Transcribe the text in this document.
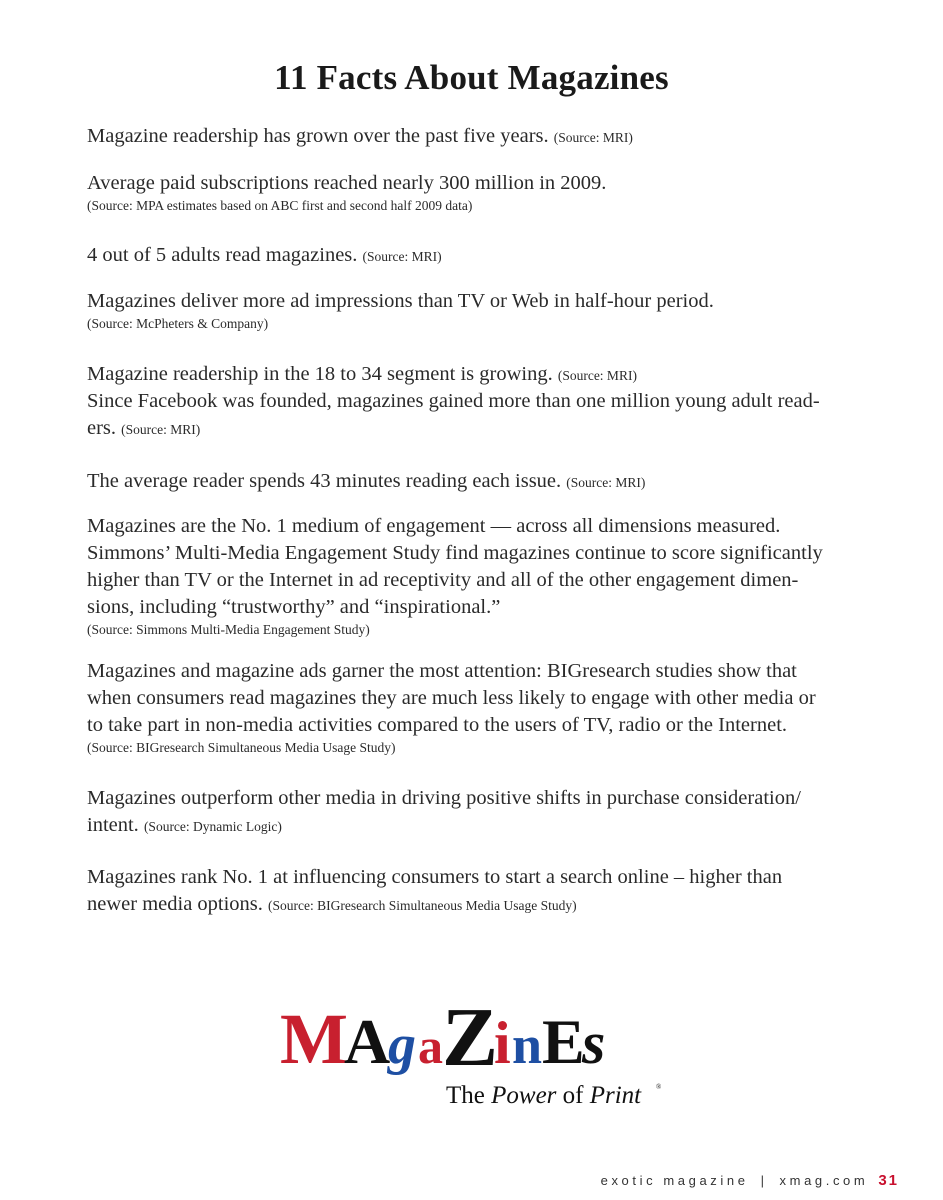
11 Facts About Magazines

Magazine readership has grown over the past five years. (Source: MRI)

Average paid subscriptions reached nearly 300 million in 2009.
(Source: MPA estimates based on ABC first and second half 2009 data)

4 out of 5 adults read magazines. (Source: MRI)

Magazines deliver more ad impressions than TV or Web in half-hour period.
(Source: McPheters & Company)

Magazine readership in the 18 to 34 segment is growing. (Source: MRI)

Since Facebook was founded, magazines gained more than one million young adult read-
ers. (Source: MRI)

The average reader spends 43 minutes reading each issue. (Source: MRI)

Magazines are the No. 1 medium of engagement — across all dimensions measured.
Simmons’ Multi-Media Engagement Study find magazines continue to score significantly
higher than TV or the Internet in ad receptivity and all of the other engagement dimen-
sions, including “trustworthy” and “inspirational.”
(Source: Simmons Multi-Media Engagement Study)

Magazines and magazine ads garner the most attention: BIGresearch studies show that
when consumers read magazines they are much less likely to engage with other media or
to take part in non-media activities compared to the users of TV, radio or the Internet.
(Source: BIGresearch Simultaneous Media Usage Study)

Magazines outperform other media in driving positive shifts in purchase consideration/
intent. (Source: Dynamic Logic)

Magazines rank No. 1 at influencing consumers to start a search online – higher than
newer media options. (Source: BIGresearch Simultaneous Media Usage Study)

M
A
g a Z
i n E
s
The Power of Print ®
exotic magazine | xmag.com 31
